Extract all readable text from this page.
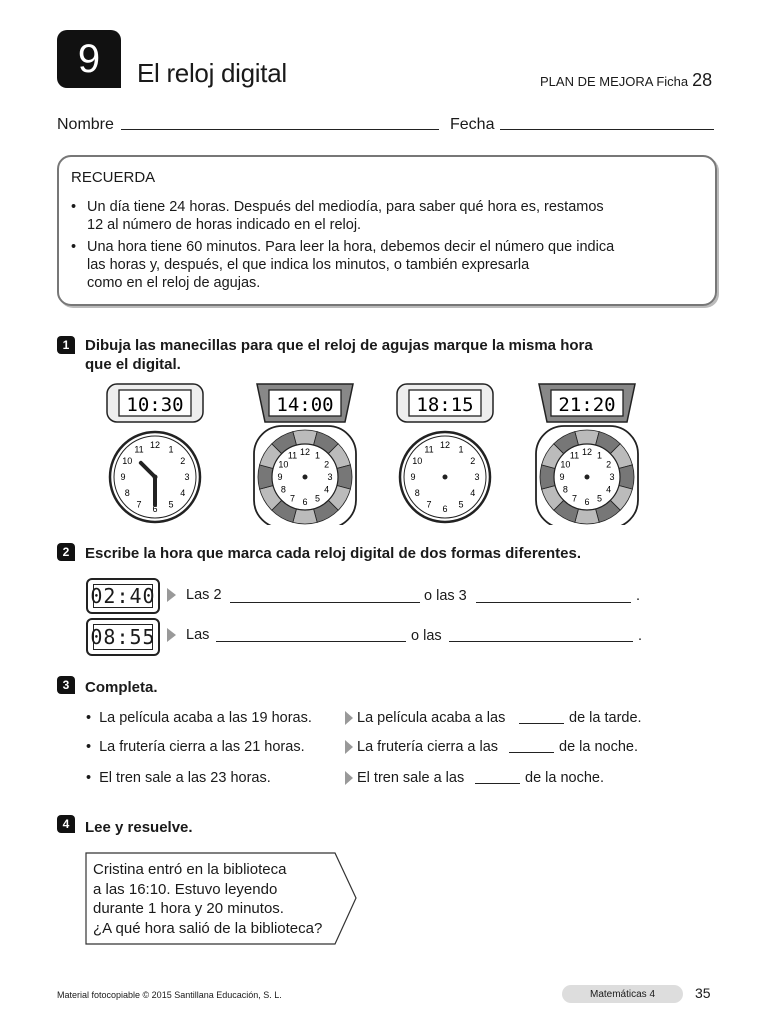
9	El reloj digital	PLAN DE MEJORA Ficha 28
Nombre	Fecha
RECUERDA
• Un día tiene 24 horas. Después del mediodía, para saber qué hora es, restamos
12 al número de horas indicado en el reloj.
• Una hora tiene 60 minutos. Para leer la hora, debemos decir el número que indica
las horas y, después, el que indica los minutos, o también expresarla
como en el reloj de agujas.
1	Dibuja las manecillas para que el reloj de agujas marque la misma hora
que el digital.
10:30
12 1
2
3
4
5
6
7
8
9
10
11
14:00
12 1
2
3
4
5
6
7
8
9
10
11
18:15
12 1
2
3
4
5
6
7
8
9
10
11
21:20
12 1
2
3
4
5
6
7
8
9
10
11
2	Escribe la hora que marca cada reloj digital de dos formas diferentes.
02:40	Las 2	o las 3	.
08:55	Las	o las	.
3	Completa.
• La película acaba a las 19 horas.	La película acaba a las	de la tarde.
• La frutería cierra a las 21 horas.	La frutería cierra a las	de la noche.
• El tren sale a las 23 horas.	El tren sale a las	de la noche.
4	Lee y resuelve.
Cristina entró en la biblioteca
a las 16:10. Estuvo leyendo
durante 1 hora y 20 minutos.
¿A qué hora salió de la biblioteca?
Material fotocopiable © 2015 Santillana Educación, S. L.	Matemáticas 4	35
